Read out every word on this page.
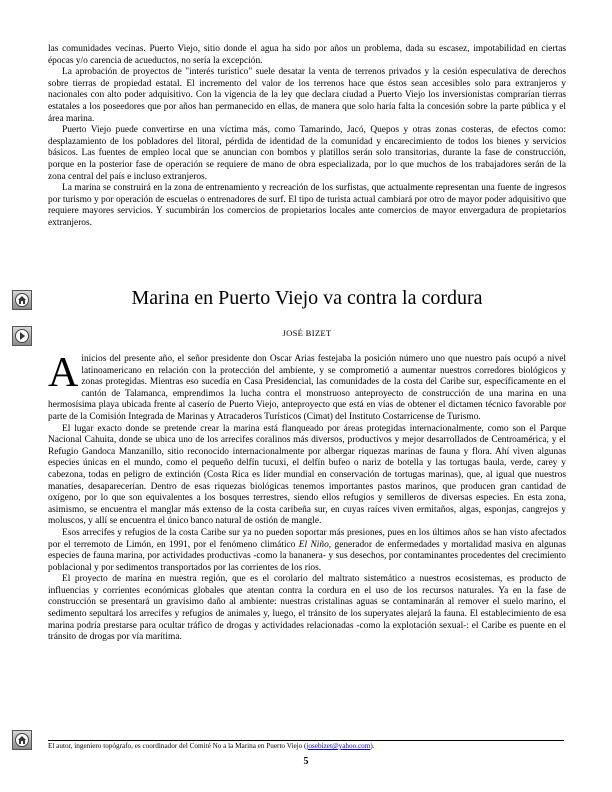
las comunidades vecinas. Puerto Viejo, sitio donde el agua ha sido por años un problema, dada su escasez, impotabilidad en ciertas épocas y/o carencia de acueductos, no sería la excepción.

La aprobación de proyectos de "interés turístico" suele desatar la venta de terrenos privados y la cesión especulativa de derechos sobre tierras de propiedad estatal. El incremento del valor de los terrenos hace que éstos sean accesibles solo para extranjeros y nacionales con alto poder adquisitivo. Con la vigencia de la ley que declara ciudad a Puerto Viejo los inversionistas comprarían tierras estatales a los poseedores que por años han permanecido en ellas, de manera que solo haría falta la concesión sobre la parte pública y el área marina.

Puerto Viejo puede convertirse en una víctima más, como Tamarindo, Jacó, Quepos y otras zonas costeras, de efectos como: desplazamiento de los pobladores del litoral, pérdida de identidad de la comunidad y encarecimiento de todos los bienes y servicios básicos. Las fuentes de empleo local que se anuncian con bombos y platillos serán solo transitorias, durante la fase de construcción, porque en la posterior fase de operación se requiere de mano de obra especializada, por lo que muchos de los trabajadores serán de la zona central del país e incluso extranjeros.

La marina se construirá en la zona de entrenamiento y recreación de los surfistas, que actualmente representan una fuente de ingresos por turismo y por operación de escuelas o entrenadores de surf. El tipo de turista actual cambiará por otro de mayor poder adquisitivo que requiere mayores servicios. Y sucumbirán los comercios de propietarios locales ante comercios de mayor envergadura de propietarios extranjeros.

Marina en Puerto Viejo va contra la cordura
JOSÉ BIZET

A inicios del presente año, el señor presidente don Oscar Arias festejaba la posición número uno que nuestro país ocupó a nivel latinoamericano en relación con la protección del ambiente, y se comprometió a aumentar nuestros corredores biológicos y zonas protegidas. Mientras eso sucedía en Casa Presidencial, las comunidades de la costa del Caribe sur, específicamente en el cantón de Talamanca, emprendimos la lucha contra el monstruoso anteproyecto de construcción de una marina en una hermosísima playa ubicada frente al caserío de Puerto Viejo, anteproyecto que está en vías de obtener el dictamen técnico favorable por parte de la Comisión Integrada de Marinas y Atracaderos Turísticos (Cimat) del Instituto Costarricense de Turismo.

El lugar exacto donde se pretende crear la marina está flanqueado por áreas protegidas internacionalmente, como son el Parque Nacional Cahuita, donde se ubica uno de los arrecifes coralinos más diversos, productivos y mejor desarrollados de Centroamérica, y el Refugio Gandoca Manzanillo, sitio reconocido internacionalmente por albergar riquezas marinas de fauna y flora. Ahí viven algunas especies únicas en el mundo, como el pequeño delfín tucuxi, el delfín bufeo o nariz de botella y las tortugas baula, verde, carey y cabezona, todas en peligro de extinción (Costa Rica es líder mundial en conservación de tortugas marinas), que, al igual que nuestros manatíes, desaparecerían. Dentro de esas riquezas biológicas tenemos importantes pastos marinos, que producen gran cantidad de oxígeno, por lo que son equivalentes a los bosques terrestres, siendo ellos refugios y semilleros de diversas especies. En esta zona, asimismo, se encuentra el manglar más extenso de la costa caribeña sur, en cuyas raíces viven ermitaños, algas, esponjas, cangrejos y moluscos, y allí se encuentra el único banco natural de ostión de mangle.

Esos arrecifes y refugios de la costa Caribe sur ya no pueden soportar más presiones, pues en los últimos años se han visto afectados por el terremoto de Limón, en 1991, por el fenómeno climático El Niño, generador de enfermedades y mortalidad masiva en algunas especies de fauna marina, por actividades productivas -como la bananera- y sus desechos, por contaminantes procedentes del crecimiento poblacional y por sedimentos transportados por las corrientes de los ríos.

El proyecto de marina en nuestra región, que es el corolario del maltrato sistemático a nuestros ecosistemas, es producto de influencias y corrientes económicas globales que atentan contra la cordura en el uso de los recursos naturales. Ya en la fase de construcción se presentará un gravísimo daño al ambiente: nuestras cristalinas aguas se contaminarán al remover el suelo marino, el sedimento sepultará los arrecifes y refugios de animales y, luego, el tránsito de los superyates alejará la fauna. El establecimiento de esa marina podría prestarse para ocultar tráfico de drogas y actividades relacionadas -como la explotación sexual-: el Caribe es puente en el tránsito de drogas por vía marítima.

El autor, ingeniero topógrafo, es coordinador del Comité No a la Marina en Puerto Viejo (josebizet@yahoo.com).
5
